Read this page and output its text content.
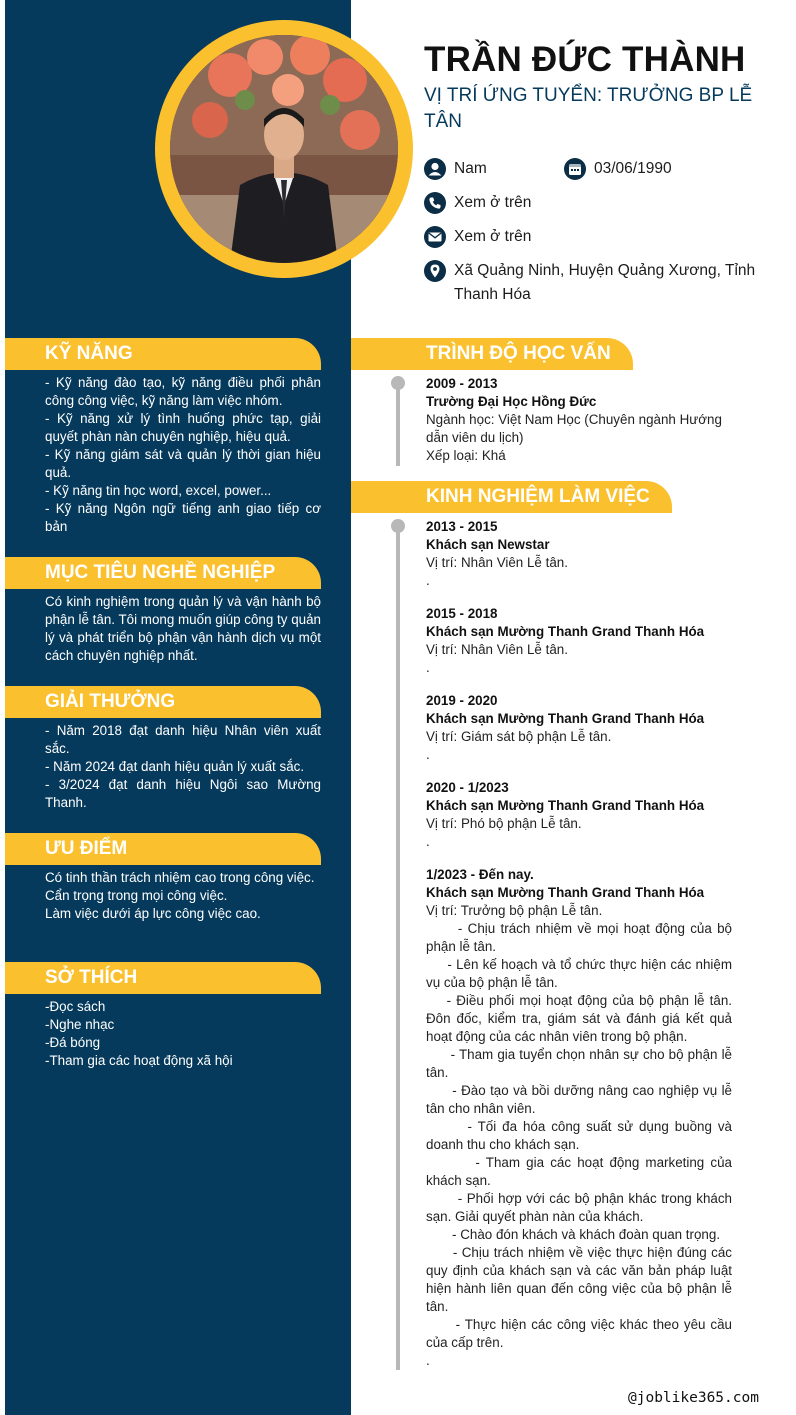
KỸ NĂNG

- Kỹ năng đào tạo, kỹ năng điều phối phân công công việc, kỹ năng làm việc nhóm.

- Kỹ năng xử lý tình huống phức tạp, giải quyết phàn nàn chuyên nghiệp, hiệu quả.

- Kỹ năng giám sát và quản lý thời gian hiệu quả.

- Kỹ năng tin học word, excel, power...

- Kỹ năng Ngôn ngữ tiếng anh giao tiếp cơ bản

MỤC TIÊU NGHỀ NGHIỆP

Có kinh nghiệm trong quản lý và vận hành bộ phận lễ tân. Tôi mong muốn giúp công ty quản lý và phát triển bộ phận vận hành dịch vụ một cách chuyên nghiệp nhất.

GIẢI THƯỞNG

- Năm 2018 đạt danh hiệu Nhân viên xuất sắc.

- Năm 2024 đạt danh hiệu quản lý xuất sắc.

- 3/2024 đạt danh hiệu Ngôi sao Mường Thanh.

ƯU ĐIỂM

Có tinh thần trách nhiệm cao trong công việc.

Cẩn trọng trong mọi công việc.

Làm việc dưới áp lực công việc cao.

SỞ THÍCH

-Đọc sách

-Nghe nhạc

-Đá bóng

-Tham gia các hoạt động xã hội

TRẦN ĐỨC THÀNH
VỊ TRÍ ỨNG TUYỂN: TRƯỞNG BP LỄ TÂN
Nam	03/06/1990
Xem ở trên
Xem ở trên
Xã Quảng Ninh, Huyện Quảng Xương, Tỉnh Thanh Hóa
TRÌNH ĐỘ HỌC VẤN

2009 - 2013

Trường Đại Học Hồng Đức

Ngành học: Việt Nam Học (Chuyên ngành Hướng dẫn viên du lịch)

Xếp loại: Khá

KINH NGHIỆM LÀM VIỆC

2013 - 2015

Khách sạn Newstar

Vị trí: Nhân Viên Lễ tân.

.

2015 - 2018

Khách sạn Mường Thanh Grand Thanh Hóa

Vị trí: Nhân Viên Lễ tân.

.

2019 - 2020

Khách sạn Mường Thanh Grand Thanh Hóa

Vị trí: Giám sát bộ phận Lễ tân.

.

2020 - 1/2023

Khách sạn Mường Thanh Grand Thanh Hóa

Vị trí: Phó bộ phận Lễ tân.

.

1/2023 - Đến nay.

Khách sạn Mường Thanh Grand Thanh Hóa

Vị trí: Trưởng bộ phận Lễ tân.

- Chịu trách nhiệm về mọi hoạt động của bộ phận lễ tân.

- Lên kế hoạch và tổ chức thực hiện các nhiệm vụ của bộ phận lễ tân.

- Điều phối mọi hoạt động của bộ phận lễ tân. Đôn đốc, kiểm tra, giám sát và đánh giá kết quả hoạt động của các nhân viên trong bộ phận.

- Tham gia tuyển chọn nhân sự cho bộ phận lễ tân.

- Đào tạo và bồi dưỡng nâng cao nghiệp vụ lễ tân cho nhân viên.

- Tối đa hóa công suất sử dụng buồng và doanh thu cho khách sạn.

- Tham gia các hoạt động marketing của khách sạn.

- Phối hợp với các bộ phận khác trong khách sạn. Giải quyết phàn nàn của khách.

- Chào đón khách và khách đoàn quan trọng.

- Chịu trách nhiệm về việc thực hiện đúng các quy định của khách sạn và các văn bản pháp luật hiện hành liên quan đến công việc của bộ phận lễ tân.

- Thực hiện các công việc khác theo yêu cầu của cấp trên.

.

@joblike365.com
